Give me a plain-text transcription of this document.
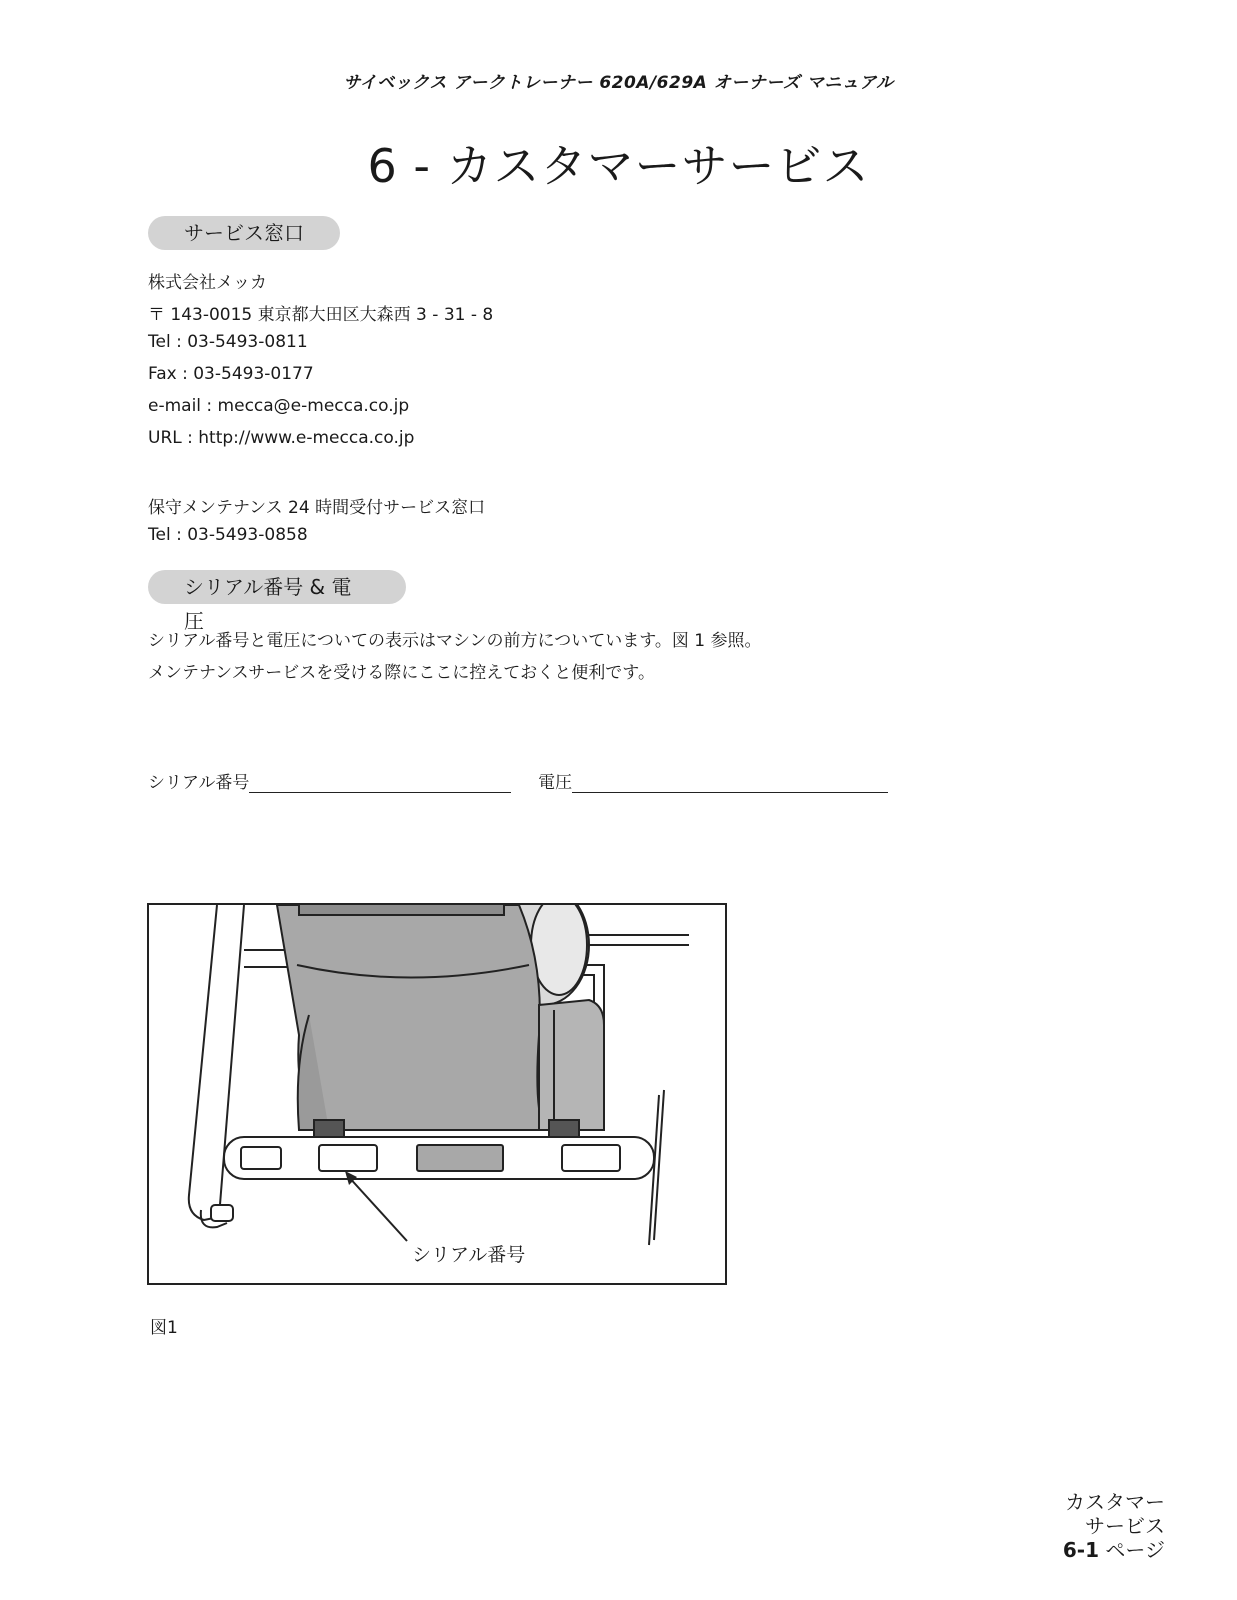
サイベックス アークトレーナー 620A/629A オーナーズ マニュアル
6 - カスタマーサービス
サービス窓口
株式会社メッカ
〒 143-0015 東京都大田区大森西 3 - 31 - 8
Tel : 03-5493-0811
Fax : 03-5493-0177
e-mail : mecca@e-mecca.co.jp
URL : http://www.e-mecca.co.jp
保守メンテナンス 24 時間受付サービス窓口
Tel : 03-5493-0858
シリアル番号 & 電圧
シリアル番号と電圧についての表示はマシンの前方についています。図 1 参照。
メンテナンスサービスを受ける際にここに控えておくと便利です。
シリアル番号	電圧
シリアル番号
図1
カスタマー
サービス
6-1 ページ
